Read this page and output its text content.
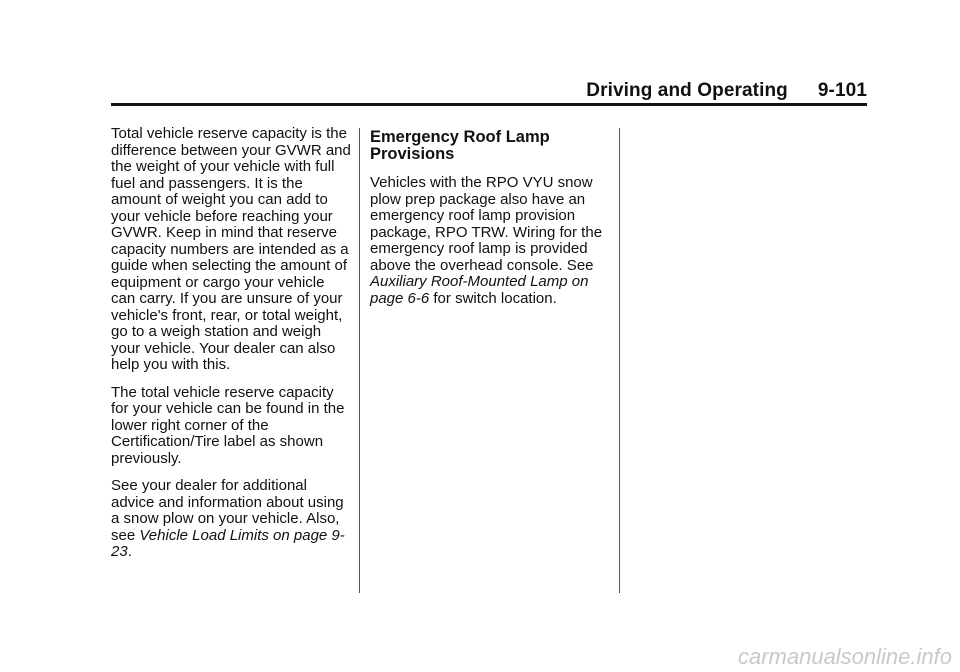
Driving and Operating 9-101

Total vehicle reserve capacity is the difference between your GVWR and the weight of your vehicle with full fuel and passengers. It is the amount of weight you can add to your vehicle before reaching your GVWR. Keep in mind that reserve capacity numbers are intended as a guide when selecting the amount of equipment or cargo your vehicle can carry. If you are unsure of your vehicle's front, rear, or total weight, go to a weigh station and weigh your vehicle. Your dealer can also help you with this.

The total vehicle reserve capacity for your vehicle can be found in the lower right corner of the Certification/Tire label as shown previously.

See your dealer for additional advice and information about using a snow plow on your vehicle. Also, see Vehicle Load Limits on page 9-23.

Emergency Roof Lamp Provisions

Vehicles with the RPO VYU snow plow prep package also have an emergency roof lamp provision package, RPO TRW. Wiring for the emergency roof lamp is provided above the overhead console. See Auxiliary Roof-Mounted Lamp on page 6-6 for switch location.

carmanualsonline.info
